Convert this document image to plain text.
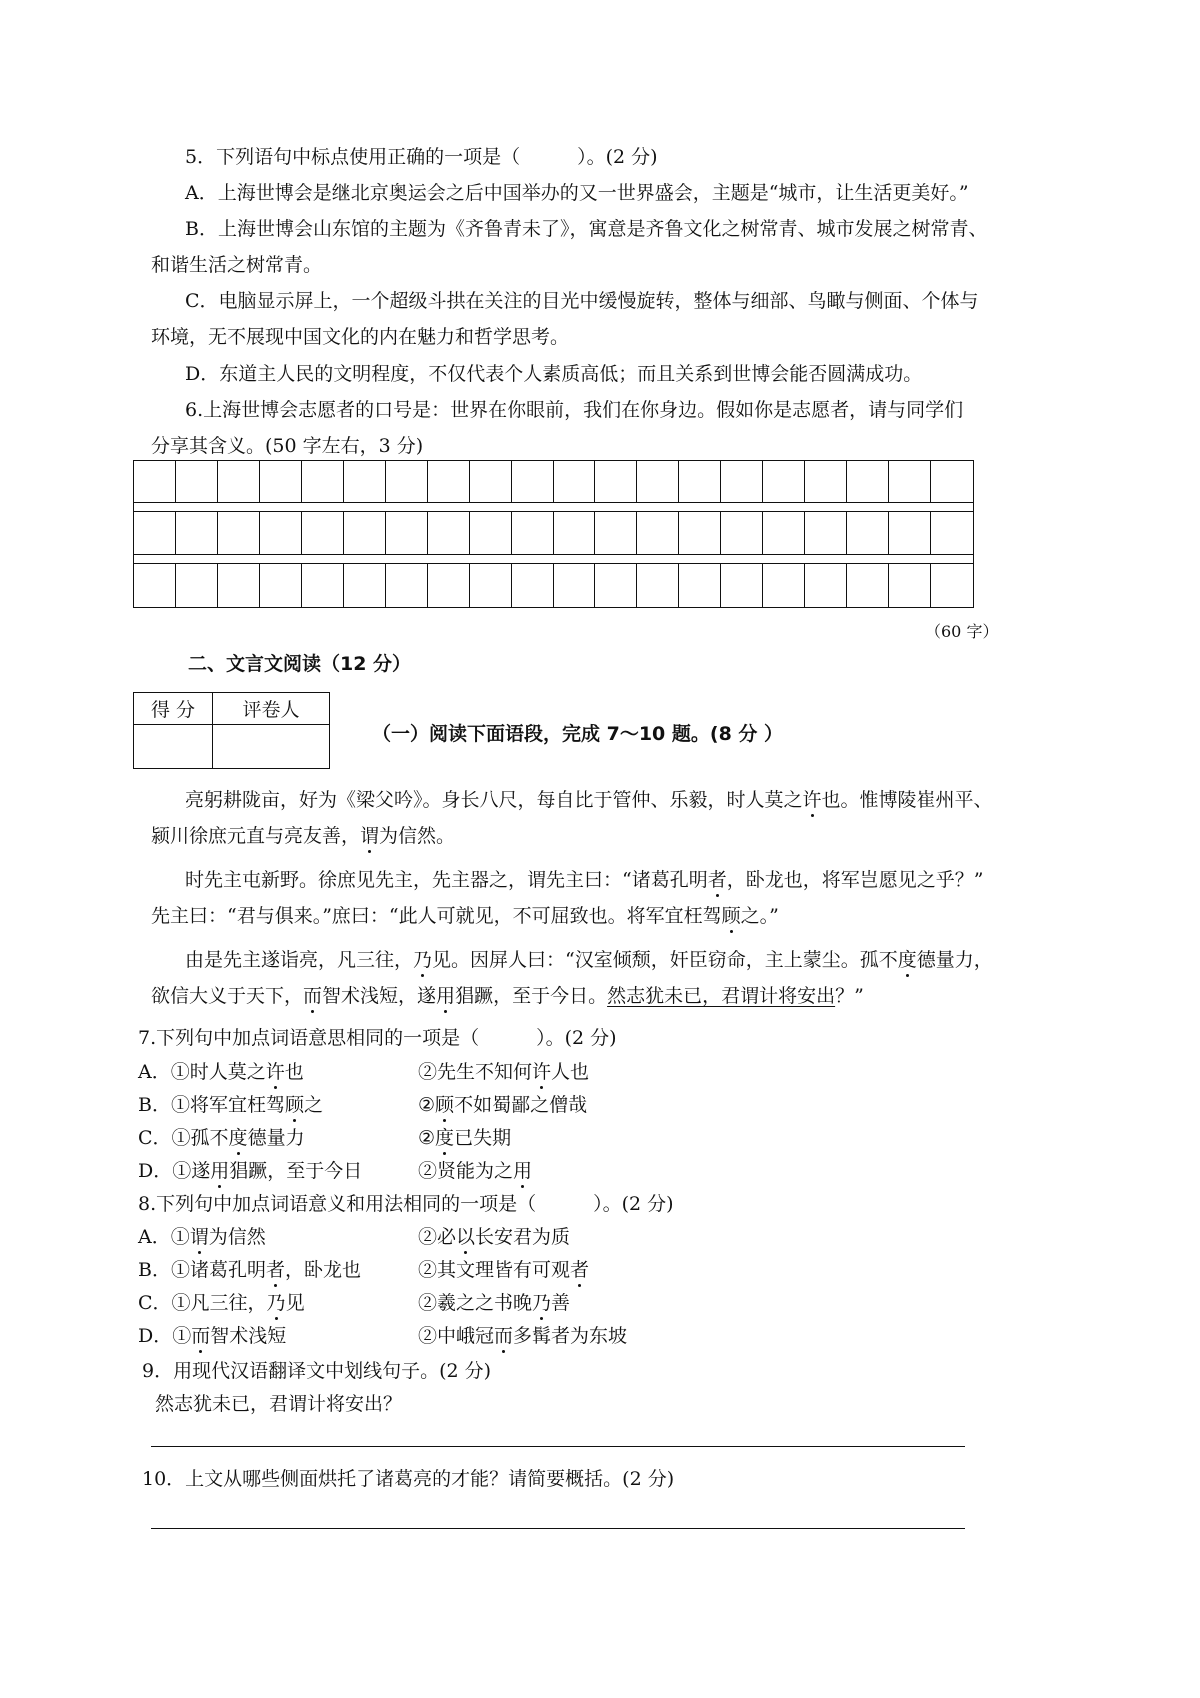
5．下列语句中标点使用正确的一项是（　　　）。(2 分)
A．上海世博会是继北京奥运会之后中国举办的又一世界盛会，主题是“城市，让生活更美好。”
B．上海世博会山东馆的主题为《齐鲁青未了》，寓意是齐鲁文化之树常青、城市发展之树常青、
和谐生活之树常青。
C．电脑显示屏上，一个超级斗拱在关注的目光中缓慢旋转，整体与细部、鸟瞰与侧面、个体与
环境，无不展现中国文化的内在魅力和哲学思考。
D．东道主人民的文明程度，不仅代表个人素质高低；而且关系到世博会能否圆满成功。
6.上海世博会志愿者的口号是：世界在你眼前，我们在你身边。假如你是志愿者，请与同学们
分享其含义。(50 字左右，3 分)
（60 字）
二、文言文阅读（12 分）
得 分	评卷人

（一）阅读下面语段，完成 7～10 题。(8 分 ）
亮躬耕陇亩，好为《梁父吟》。身长八尺，每自比于管仲、乐毅，时人莫之许也。惟博陵崔州平、
颍川徐庶元直与亮友善，谓为信然。
时先主屯新野。徐庶见先主，先主器之，谓先主曰：“诸葛孔明者，卧龙也，将军岂愿见之乎？”
先主曰：“君与俱来。”庶曰：“此人可就见，不可屈致也。将军宜枉驾顾之。”
由是先主遂诣亮，凡三往，乃见。因屏人曰：“汉室倾颓，奸臣窃命，主上蒙尘。孤不度德量力，
欲信大义于天下，而智术浅短，遂用猖蹶，至于今日。然志犹未已，君谓计将安出？”
7.下列句中加点词语意思相同的一项是（　　　）。(2 分)
A．①时人莫之许也	②先生不知何许人也
B．①将军宜枉驾顾之	②顾不如蜀鄙之僧哉
C．①孤不度德量力	②度已失期
D．①遂用猖蹶，至于今日	②贤能为之用
8.下列句中加点词语意义和用法相同的一项是（　　　）。(2 分)
A．①谓为信然	②必以长安君为质
B．①诸葛孔明者，卧龙也	②其文理皆有可观者
C．①凡三往，乃见	②羲之之书晚乃善
D．①而智术浅短	②中峨冠而多髯者为东坡
9．用现代汉语翻译文中划线句子。(2 分)
然志犹未已，君谓计将安出？
10．上文从哪些侧面烘托了诸葛亮的才能？请简要概括。(2 分)
